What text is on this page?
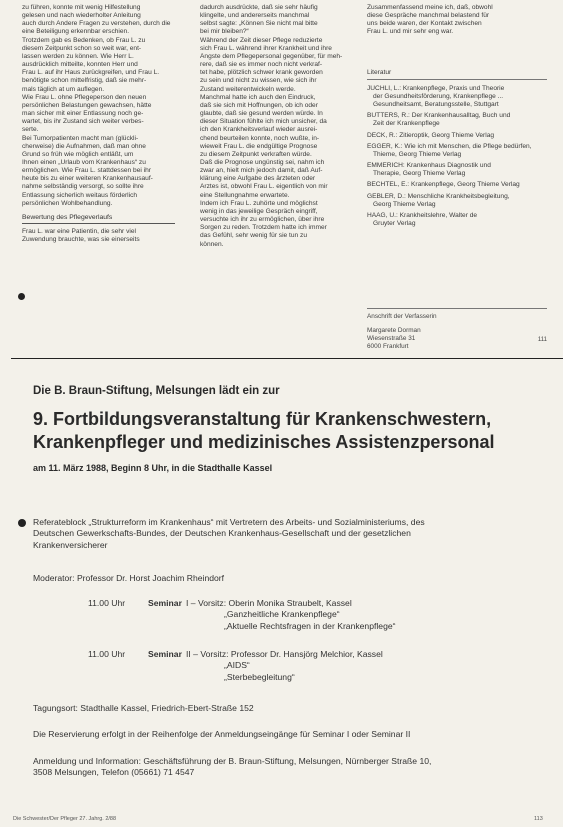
zu führen, konnte mit wenig Hilfestellung

gelesen und nach wiederholter Anleitung

auch durch Andere Fragen zu verstehen, durch die

eine Beteiligung erkennbar erschien.

Trotzdem gab es Bedenken, ob Frau L. zu

diesem Zeitpunkt schon so weit war, ent-

lassen werden zu können. Wie Herr L.

ausdrücklich mitteilte, konnten Herr und

Frau L. auf ihr Haus zurückgreifen, und Frau L.

benötigte schon mittelfristig, daß sie mehr-

mals täglich at um auflegen.

Wie Frau L. ohne Pflegeperson den neuen

persönlichen Belastungen gewachsen, hätte

man sicher mit einer Entlassung noch ge-

wartet, bis ihr Zustand sich weiter verbes-

serte.

Bei Tumorpatienten macht man (glückli-

cherweise) die Aufnahmen, daß man ohne

Grund so früh wie möglich entläßt, um

Ihnen einen „Urlaub vom Krankenhaus“ zu

ermöglichen. Wie Frau L. stattdessen bei ihr

heute bis zu einer weiteren Krankenhausauf-

nahme selbständig versorgt, so sollte ihre

Entlassung sicherlich weitaus förderlich

persönlichen Wohlbehandlung.

Bewertung des Pflegeverlaufs

Frau L. war eine Patientin, die sehr viel

Zuwendung brauchte, was sie einerseits

dadurch ausdrückte, daß sie sehr häufig

klingelte, und andererseits manchmal

selbst sagte: „Können Sie nicht mal bitte

bei mir bleiben?“

Während der Zeit dieser Pflege reduzierte

sich Frau L. während ihrer Krankheit und ihre

Ängste dem Pflegepersonal gegenüber, für meh-

rere, daß sie es immer noch nicht verkraf-

tet habe, plötzlich schwer krank geworden

zu sein und nicht zu wissen, wie sich ihr

Zustand weiterentwickeln werde.

Manchmal hatte ich auch den Eindruck,

daß sie sich mit Hoffnungen, ob ich oder

glaubte, daß sie gesund werden würde. In

dieser Situation fühlte ich mich unsicher, da

ich den Krankheitsverlauf wieder ausrei-

chend beurteilen konnte, noch wußte, in-

wieweit Frau L. die endgültige Prognose

zu diesem Zeitpunkt verkraften würde.

Daß die Prognose ungünstig sei, nahm ich

zwar an, hielt mich jedoch damit, daß Auf-

klärung eine Aufgabe des ärzteten oder

Arztes ist, obwohl Frau L. eigentlich von mir

eine Stellungnahme erwartete.

Indem ich Frau L. zuhörte und möglichst

wenig in das jeweilige Gespräch eingriff,

versuchte ich ihr zu ermöglichen, über ihre

Sorgen zu reden. Trotzdem hatte ich immer

das Gefühl, sehr wenig für sie tun zu

können.

Zusammenfassend meine ich, daß, obwohl

diese Gespräche manchmal belastend für

uns beide waren, der Kontakt zwischen

Frau L. und mir sehr eng war.

Literatur

JUCHLI, L.: Krankenpflege, Praxis und Theorie

der Gesundheitsförderung, Krankenpflege ...

Gesundheitsamt, Beratungsstelle, Stuttgart

BUTTERS, R.: Der Krankenhausalltag, Buch und

Zeit der Krankenpflege

DECK, R.: Zitieroptik, Georg Thieme Verlag

EGGER, K.: Wie ich mit Menschen, die Pflege bedürfen,

Thieme, Georg Thieme Verlag

EMMERICH: Krankenhaus Diagnostik und

Therapie, Georg Thieme Verlag

BECHTEL, E.: Krankenpflege, Georg Thieme Verlag

GEBLER, D.: Menschliche Krankheitsbegleitung,

Georg Thieme Verlag

HAAG, U.: Krankheitslehre, Walter de

Gruyter Verlag

Anschrift der Verfasserin

Margarete Dorman

Wiesenstraße 31

6000 Frankfurt

111
Die B. Braun-Stiftung, Melsungen lädt ein zur

9. Fortbildungsveranstaltung für Krankenschwestern,

Krankenpfleger und medizinisches Assistenzpersonal

am 11. März 1988, Beginn 8 Uhr, in die Stadthalle Kassel

Referateblock „Strukturreform im Krankenhaus“ mit Vertretern des Arbeits- und Sozialministeriums, des

Deutschen Gewerkschafts-Bundes, der Deutschen Krankenhaus-Gesellschaft und der gesetzlichen

Krankenversicherer

Moderator: Professor Dr. Horst Joachim Rheindorf

11.00 Uhr	Seminar I – Vorsitz: Oberin Monika Straubelt, Kassel

„Ganzheitliche Krankenpflege“

„Aktuelle Rechtsfragen in der Krankenpflege“

11.00 Uhr	Seminar II – Vorsitz: Professor Dr. Hansjörg Melchior, Kassel

„AIDS“

„Sterbebegleitung“

Tagungsort: Stadthalle Kassel, Friedrich-Ebert-Straße 152

Die Reservierung erfolgt in der Reihenfolge der Anmeldungseingänge für Seminar I oder Seminar II

Anmeldung und Information: Geschäftsführung der B. Braun-Stiftung, Melsungen, Nürnberger Straße 10,

3508 Melsungen, Telefon (05661) 71 4547

Die Schwester/Der Pfleger 27. Jahrg. 2/88	113
